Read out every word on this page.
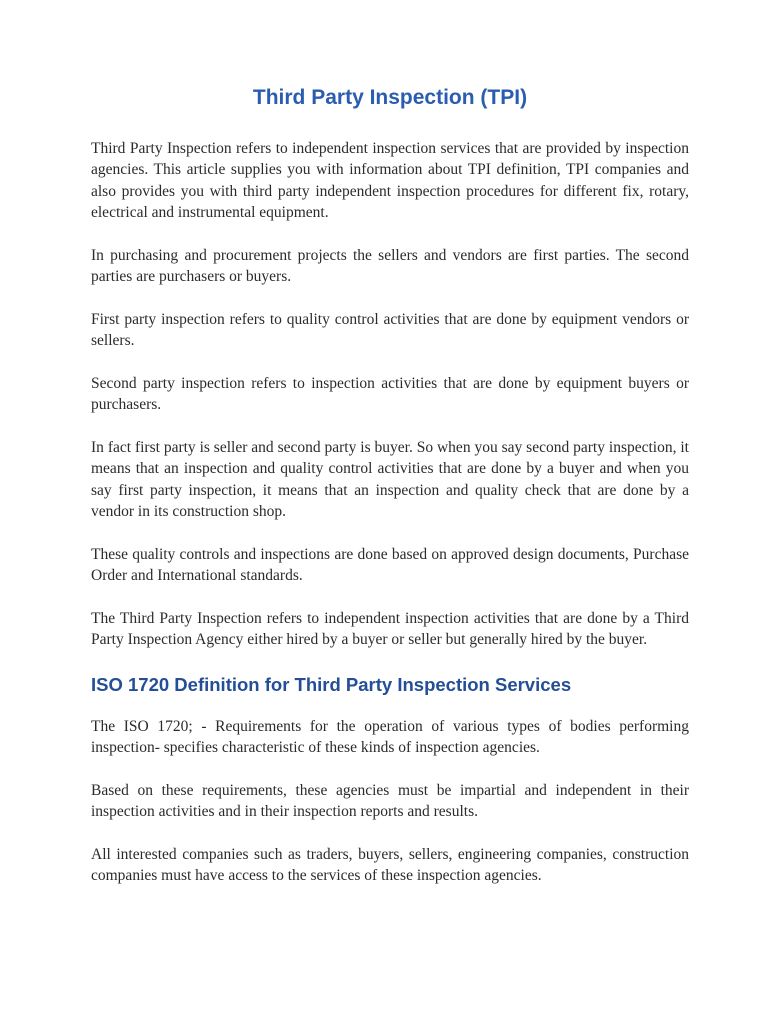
Third Party Inspection (TPI)

Third Party Inspection refers to independent inspection services that are provided by inspection agencies. This article supplies you with information about TPI definition, TPI companies and also provides you with third party independent inspection procedures for different fix, rotary, electrical and instrumental equipment.

In purchasing and procurement projects the sellers and vendors are first parties. The second parties are purchasers or buyers.

First party inspection refers to quality control activities that are done by equipment vendors or sellers.

Second party inspection refers to inspection activities that are done by equipment buyers or purchasers.

In fact first party is seller and second party is buyer. So when you say second party inspection, it means that an inspection and quality control activities that are done by a buyer and when you say first party inspection, it means that an inspection and quality check that are done by a vendor in its construction shop.

These quality controls and inspections are done based on approved design documents, Purchase Order and International standards.

The Third Party Inspection refers to independent inspection activities that are done by a Third Party Inspection Agency either hired by a buyer or seller but generally hired by the buyer.

ISO 1720 Definition for Third Party Inspection Services

The ISO 1720; - Requirements for the operation of various types of bodies performing inspection- specifies characteristic of these kinds of inspection agencies.

Based on these requirements, these agencies must be impartial and independent in their inspection activities and in their inspection reports and results.

All interested companies such as traders, buyers, sellers, engineering companies, construction companies must have access to the services of these inspection agencies.
